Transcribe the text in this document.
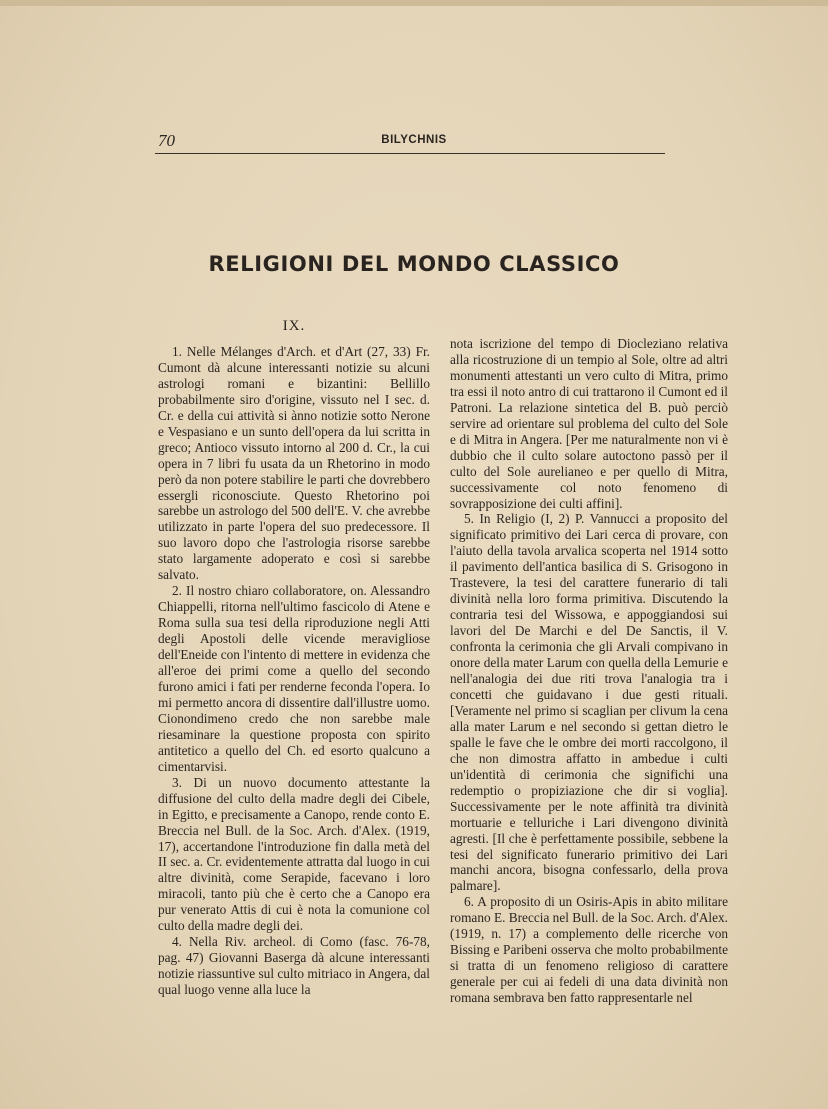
70	BILYCHNIS
RELIGIONI DEL MONDO CLASSICO
IX.

1. Nelle Mélanges d'Arch. et d'Art (27, 33) Fr. Cumont dà alcune interessanti notizie su alcuni astrologi romani e bizantini: Bellillo probabilmente siro d'origine, vissuto nel I sec. d. Cr. e della cui attività si ànno notizie sotto Nerone e Vespasiano e un sunto dell'opera da lui scritta in greco; Antioco vissuto intorno al 200 d. Cr., la cui opera in 7 libri fu usata da un Rhetorino in modo però da non potere stabilire le parti che dovrebbero essergli riconosciute. Questo Rhetorino poi sarebbe un astrologo del 500 dell'E. V. che avrebbe utilizzato in parte l'opera del suo predecessore. Il suo lavoro dopo che l'astrologia risorse sarebbe stato largamente adoperato e così si sarebbe salvato.

2. Il nostro chiaro collaboratore, on. Alessandro Chiappelli, ritorna nell'ultimo fascicolo di Atene e Roma sulla sua tesi della riproduzione negli Atti degli Apostoli delle vicende meravigliose dell'Eneide con l'intento di mettere in evidenza che all'eroe dei primi come a quello del secondo furono amici i fati per renderne feconda l'opera. Io mi permetto ancora di dissentire dall'illustre uomo. Cionondimeno credo che non sarebbe male riesaminare la questione proposta con spirito antitetico a quello del Ch. ed esorto qualcuno a cimentarvisi.

3. Di un nuovo documento attestante la diffusione del culto della madre degli dei Cibele, in Egitto, e precisamente a Canopo, rende conto E. Breccia nel Bull. de la Soc. Arch. d'Alex. (1919, 17), accertandone l'introduzione fin dalla metà del II sec. a. Cr. evidentemente attratta dal luogo in cui altre divinità, come Serapide, facevano i loro miracoli, tanto più che è certo che a Canopo era pur venerato Attis di cui è nota la comunione col culto della madre degli dei.

4. Nella Riv. archeol. di Como (fasc. 76-78, pag. 47) Giovanni Baserga dà alcune interessanti notizie riassuntive sul culto mitriaco in Angera, dal qual luogo venne alla luce la

nota iscrizione del tempo di Diocleziano relativa alla ricostruzione di un tempio al Sole, oltre ad altri monumenti attestanti un vero culto di Mitra, primo tra essi il noto antro di cui trattarono il Cumont ed il Patroni. La relazione sintetica del B. può perciò servire ad orientare sul problema del culto del Sole e di Mitra in Angera. [Per me naturalmente non vi è dubbio che il culto solare autoctono passò per il culto del Sole aurelianeo e per quello di Mitra, successivamente col noto fenomeno di sovrapposizione dei culti affini].

5. In Religio (I, 2) P. Vannucci a proposito del significato primitivo dei Lari cerca di provare, con l'aiuto della tavola arvalica scoperta nel 1914 sotto il pavimento dell'antica basilica di S. Grisogono in Trastevere, la tesi del carattere funerario di tali divinità nella loro forma primitiva. Discutendo la contraria tesi del Wissowa, e appoggiandosi sui lavori del De Marchi e del De Sanctis, il V. confronta la cerimonia che gli Arvali compivano in onore della mater Larum con quella della Lemurie e nell'analogia dei due riti trova l'analogia tra i concetti che guidavano i due gesti rituali. [Veramente nel primo si scaglian per clivum la cena alla mater Larum e nel secondo si gettan dietro le spalle le fave che le ombre dei morti raccolgono, il che non dimostra affatto in ambedue i culti un'identità di cerimonia che significhi una redemptio o propiziazione che dir si voglia]. Successivamente per le note affinità tra divinità mortuarie e telluriche i Lari divengono divinità agresti. [Il che è perfettamente possibile, sebbene la tesi del significato funerario primitivo dei Lari manchi ancora, bisogna confessarlo, della prova palmare].

6. A proposito di un Osiris-Apis in abito militare romano E. Breccia nel Bull. de la Soc. Arch. d'Alex. (1919, n. 17) a complemento delle ricerche von Bissing e Paribeni osserva che molto probabilmente si tratta di un fenomeno religioso di carattere generale per cui ai fedeli di una data divinità non romana sembrava ben fatto rappresentarle nel
